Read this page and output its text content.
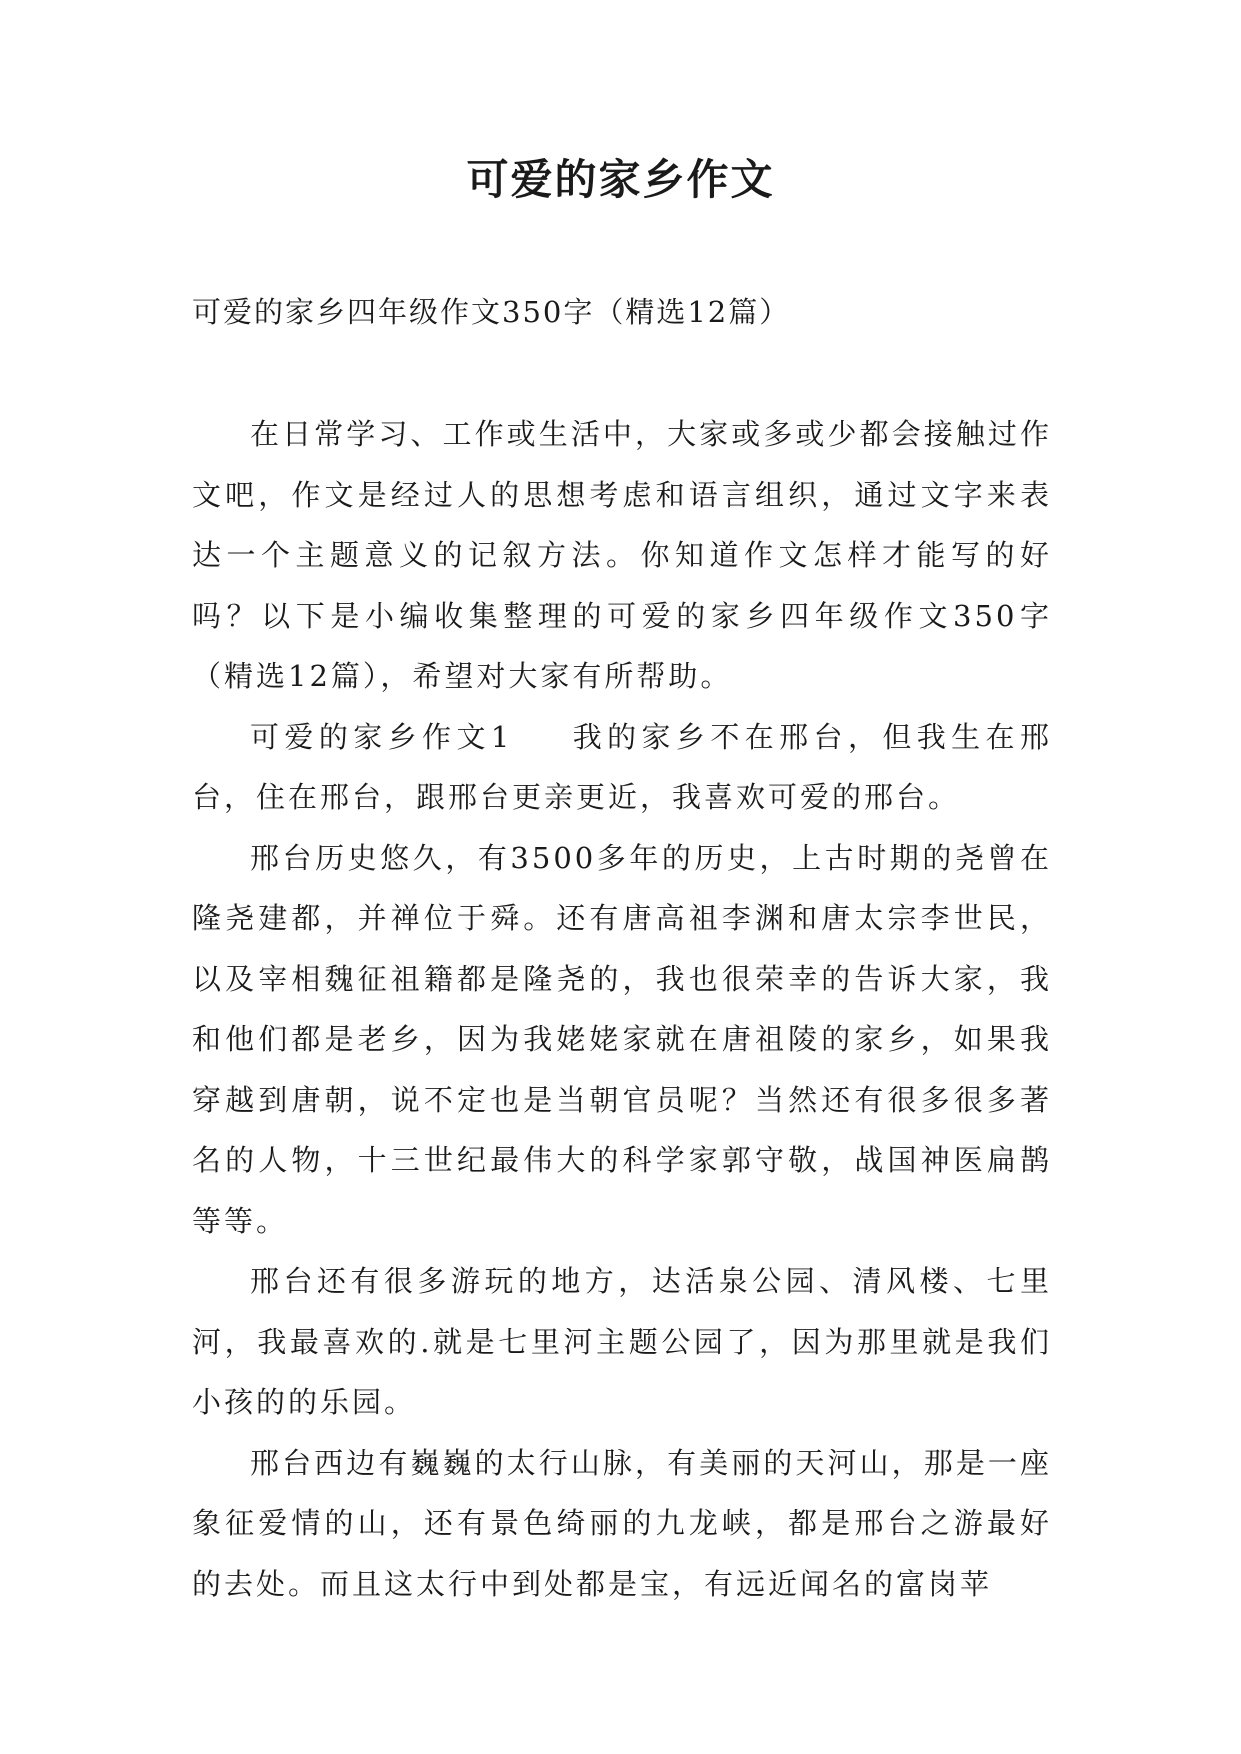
可爱的家乡作文

可爱的家乡四年级作文350字（精选12篇）

在日常学习、工作或生活中，大家或多或少都会接触过作文吧，作文是经过人的思想考虑和语言组织，通过文字来表达一个主题意义的记叙方法。你知道作文怎样才能写的好吗？以下是小编收集整理的可爱的家乡四年级作文350字（精选12篇），希望对大家有所帮助。

可爱的家乡作文1 我的家乡不在邢台，但我生在邢台，住在邢台，跟邢台更亲更近，我喜欢可爱的邢台。

邢台历史悠久，有3500多年的历史，上古时期的尧曾在隆尧建都，并禅位于舜。还有唐高祖李渊和唐太宗李世民，以及宰相魏征祖籍都是隆尧的，我也很荣幸的告诉大家，我和他们都是老乡，因为我姥姥家就在唐祖陵的家乡，如果我穿越到唐朝，说不定也是当朝官员呢？当然还有很多很多著名的人物，十三世纪最伟大的科学家郭守敬，战国神医扁鹊等等。

邢台还有很多游玩的地方，达活泉公园、清风楼、七里河，我最喜欢的.就是七里河主题公园了，因为那里就是我们小孩的的乐园。

邢台西边有巍巍的太行山脉，有美丽的天河山，那是一座象征爱情的山，还有景色绮丽的九龙峡，都是邢台之游最好的去处。而且这太行中到处都是宝，有远近闻名的富岗苹
